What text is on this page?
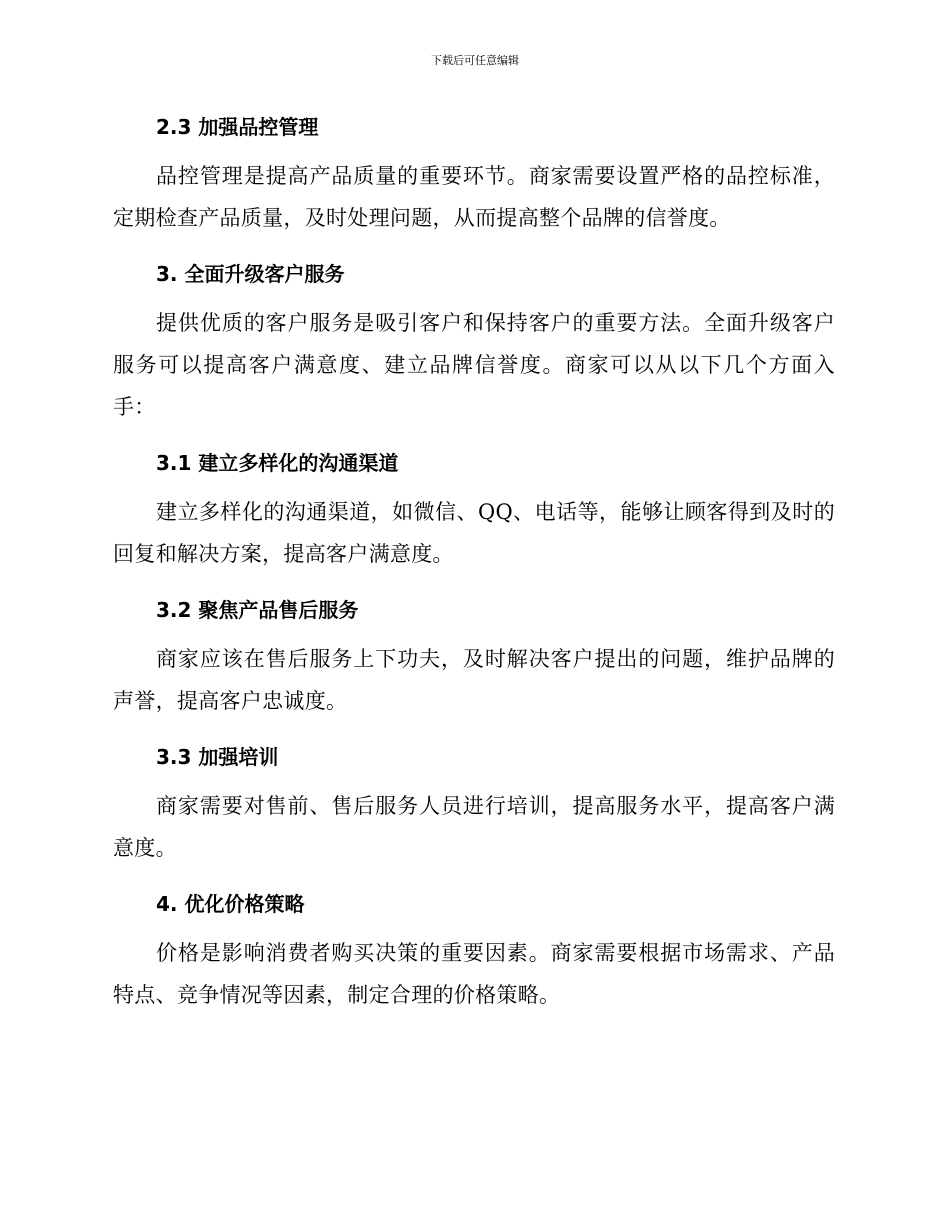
下载后可任意编辑
2.3 加强品控管理

品控管理是提高产品质量的重要环节。商家需要设置严格的品控标准，定期检查产品质量，及时处理问题，从而提高整个品牌的信誉度。

3. 全面升级客户服务

提供优质的客户服务是吸引客户和保持客户的重要方法。全面升级客户服务可以提高客户满意度、建立品牌信誉度。商家可以从以下几个方面入手：

3.1 建立多样化的沟通渠道

建立多样化的沟通渠道，如微信、QQ、电话等，能够让顾客得到及时的回复和解决方案，提高客户满意度。

3.2 聚焦产品售后服务

商家应该在售后服务上下功夫，及时解决客户提出的问题，维护品牌的声誉，提高客户忠诚度。

3.3 加强培训

商家需要对售前、售后服务人员进行培训，提高服务水平，提高客户满意度。

4. 优化价格策略

价格是影响消费者购买决策的重要因素。商家需要根据市场需求、产品特点、竞争情况等因素，制定合理的价格策略。
